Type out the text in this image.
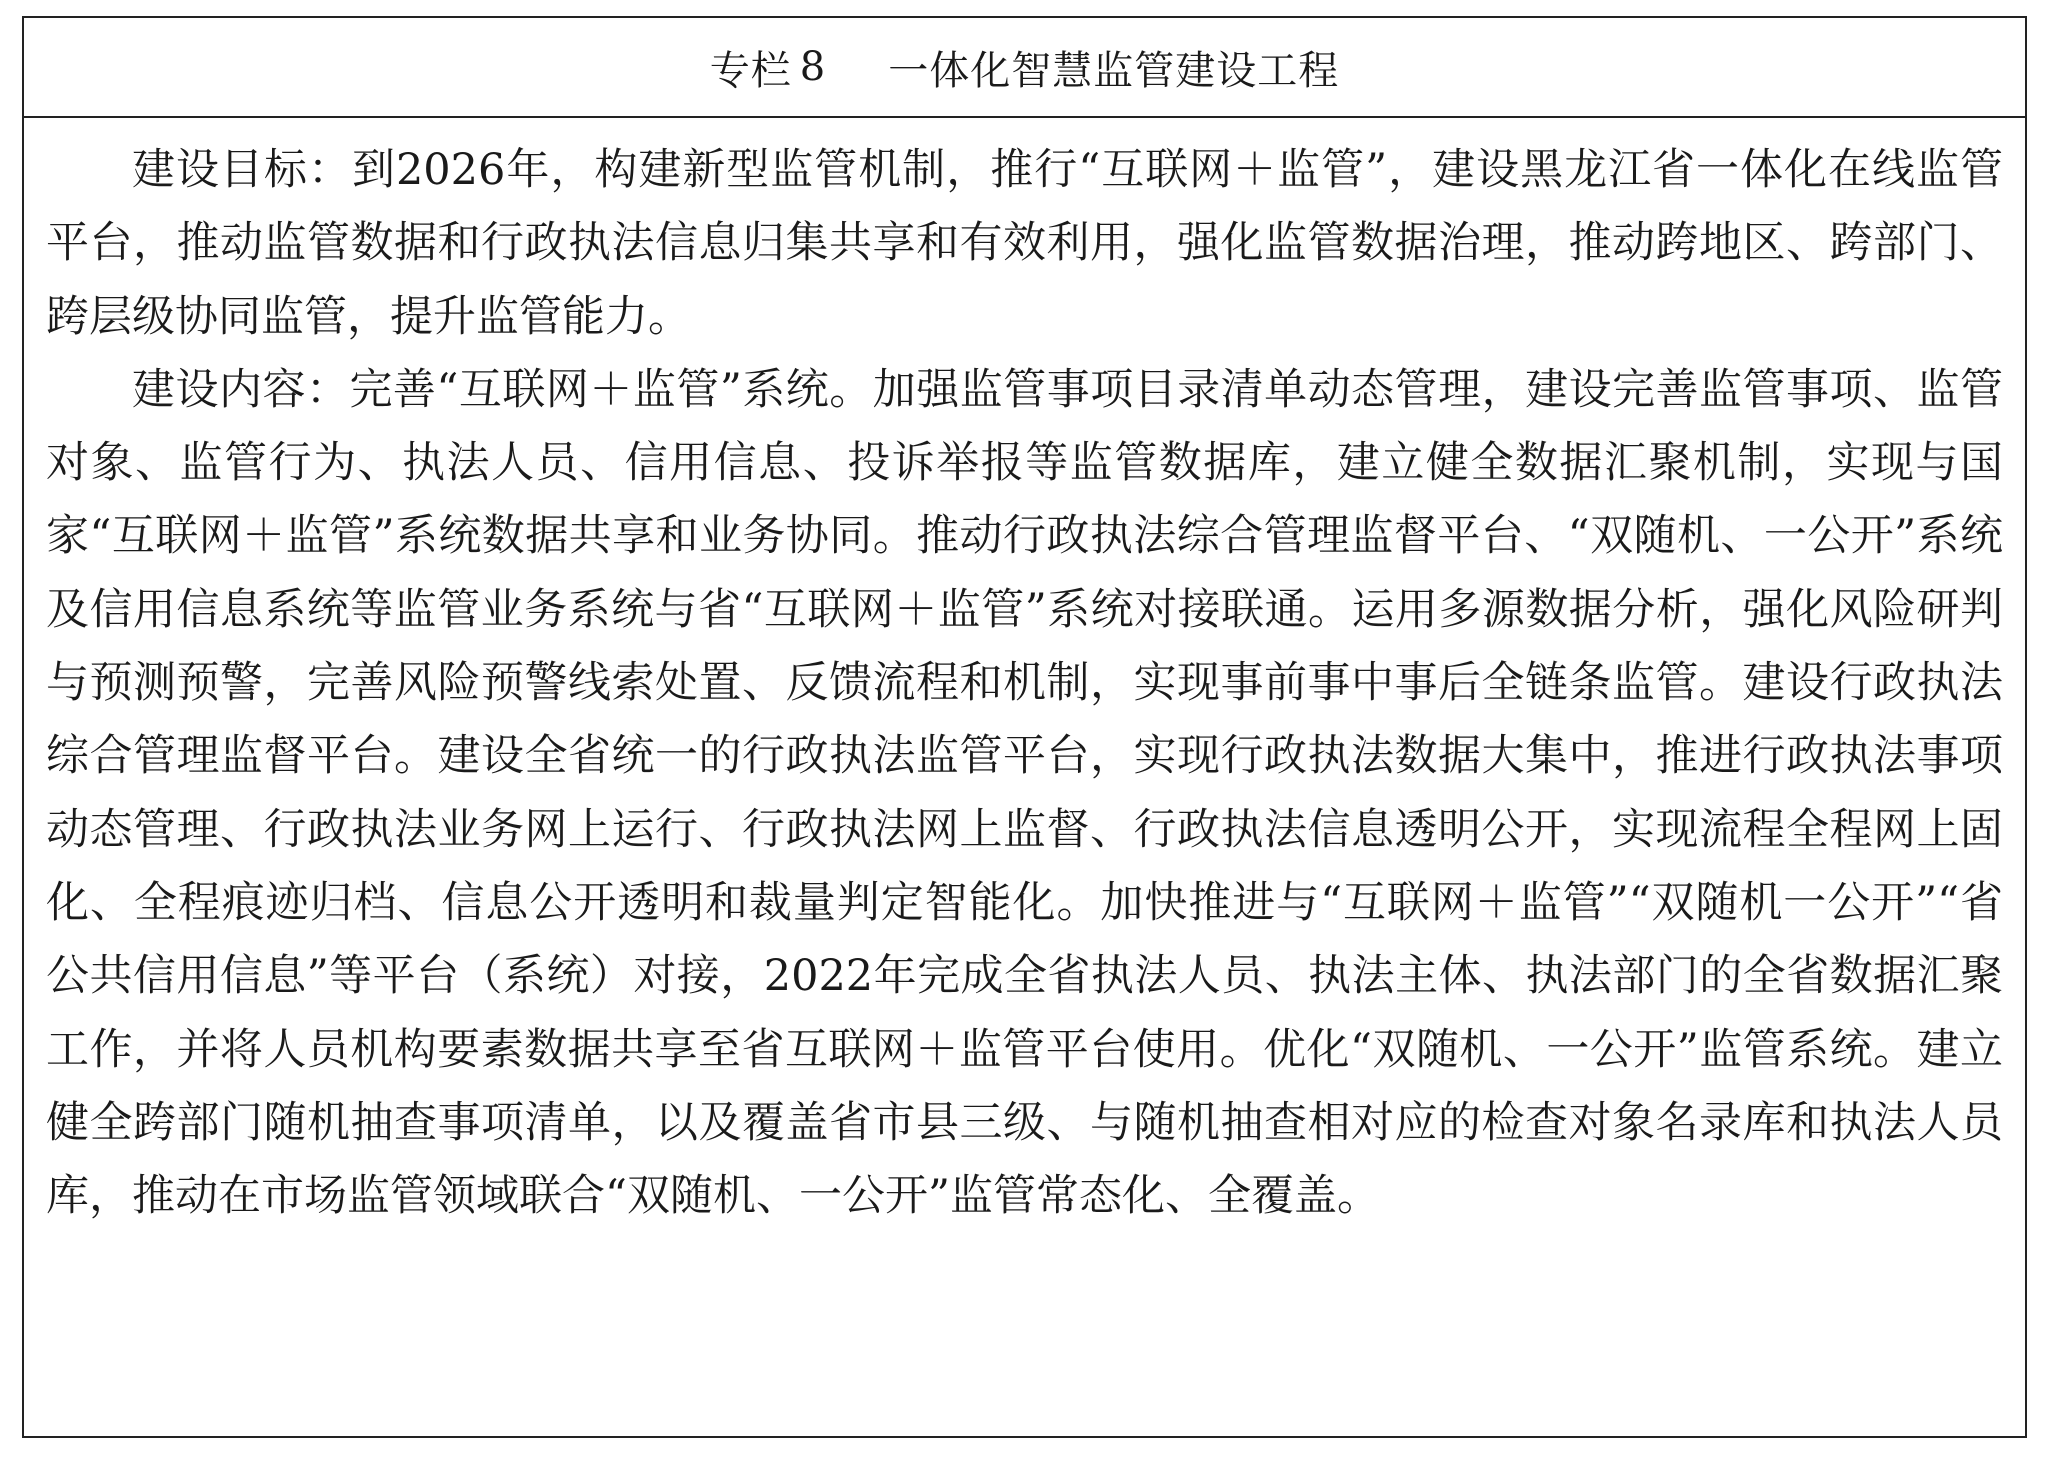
专栏 8 一体化智慧监管建设工程

建设目标：到2026年，构建新型监管机制，推行“互联网＋监管”，建设黑龙江省一体化在线监管平台，推动监管数据和行政执法信息归集共享和有效利用，强化监管数据治理，推动跨地区、跨部门、跨层级协同监管，提升监管能力。

建设内容：完善“互联网＋监管”系统。加强监管事项目录清单动态管理，建设完善监管事项、监管对象、监管行为、执法人员、信用信息、投诉举报等监管数据库，建立健全数据汇聚机制，实现与国家“互联网＋监管”系统数据共享和业务协同。推动行政执法综合管理监督平台、“双随机、一公开”系统及信用信息系统等监管业务系统与省“互联网＋监管”系统对接联通。运用多源数据分析，强化风险研判与预测预警，完善风险预警线索处置、反馈流程和机制，实现事前事中事后全链条监管。建设行政执法综合管理监督平台。建设全省统一的行政执法监管平台，实现行政执法数据大集中，推进行政执法事项动态管理、行政执法业务网上运行、行政执法网上监督、行政执法信息透明公开，实现流程全程网上固化、全程痕迹归档、信息公开透明和裁量判定智能化。加快推进与“互联网＋监管”“双随机一公开”“省公共信用信息”等平台（系统）对接，2022年完成全省执法人员、执法主体、执法部门的全省数据汇聚工作，并将人员机构要素数据共享至省互联网＋监管平台使用。优化“双随机、一公开”监管系统。建立健全跨部门随机抽查事项清单，以及覆盖省市县三级、与随机抽查相对应的检查对象名录库和执法人员库，推动在市场监管领域联合“双随机、一公开”监管常态化、全覆盖。
